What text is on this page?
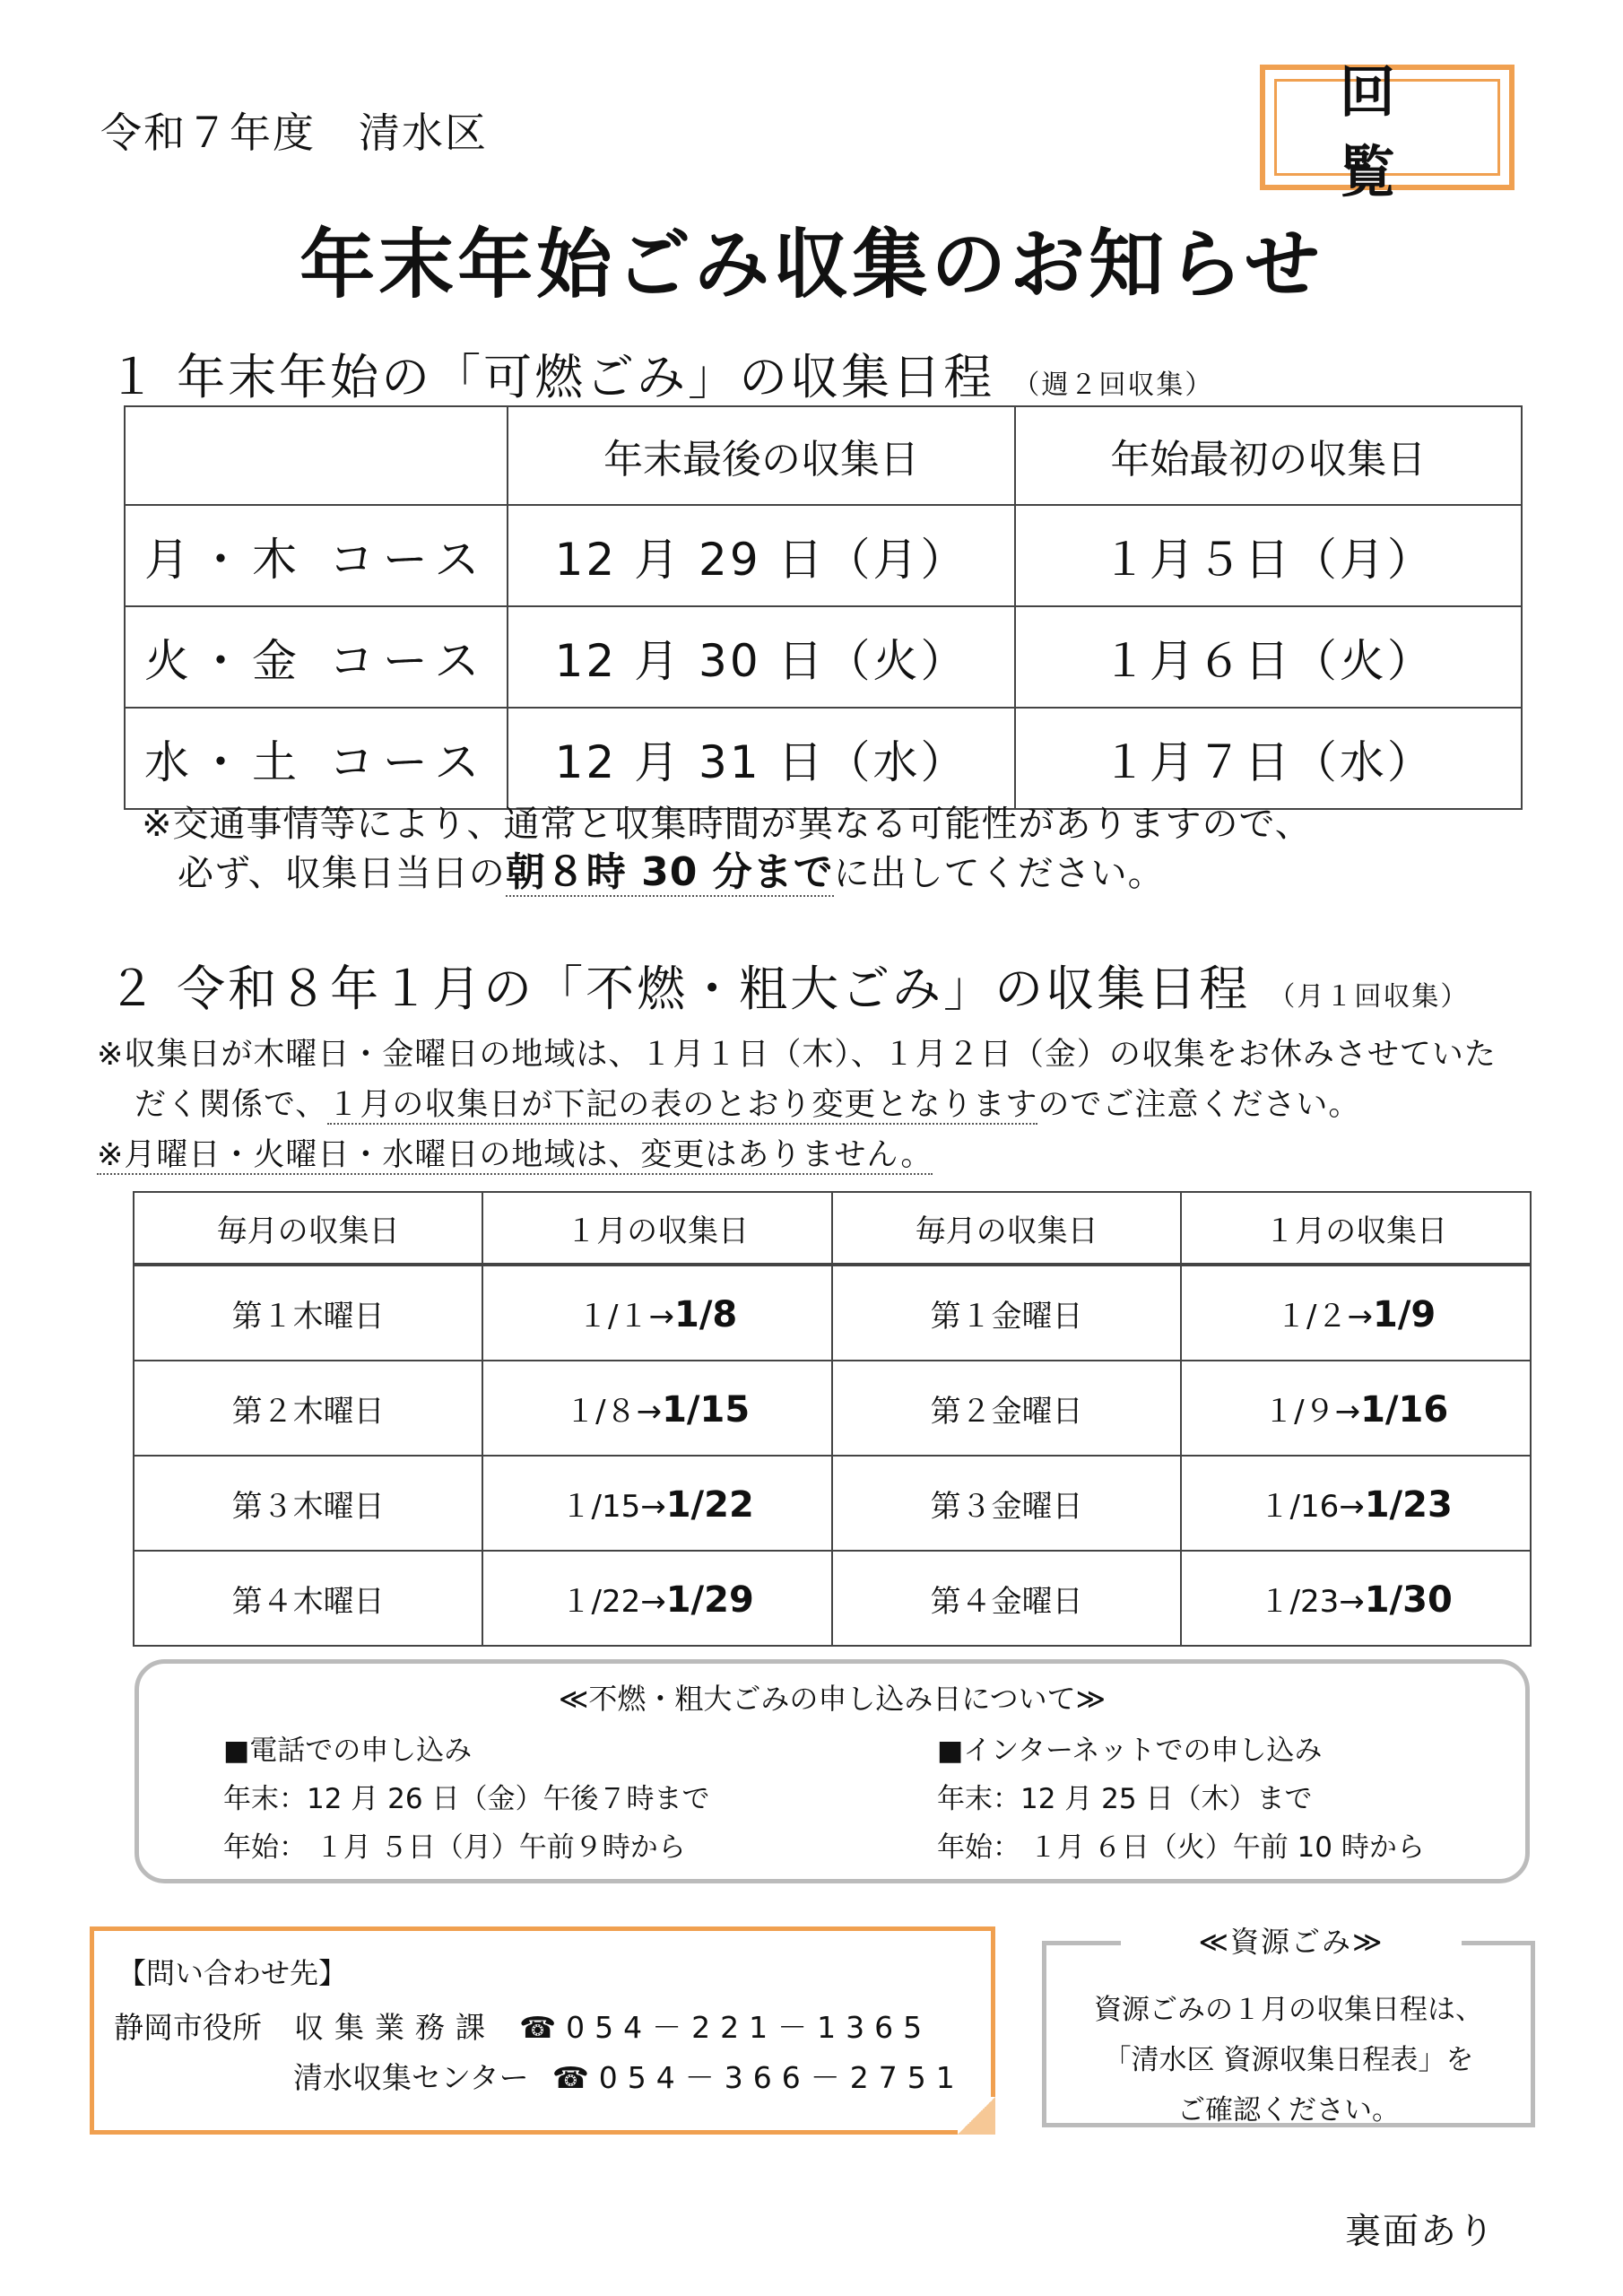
令和７年度 清水区
回覧
年末年始ごみ収集のお知らせ
１ 年末年始の「可燃ごみ」の収集日程 （週２回収集）
	年末最後の収集日	年始最初の収集日
月・木 コース	12 月 29 日（月）	１月５日（月）
火・金 コース	12 月 30 日（火）	１月６日（火）
水・土 コース	12 月 31 日（水）	１月７日（水）
※交通事情等により、通常と収集時間が異なる可能性がありますので、
必ず、収集日当日の朝８時 30 分までに出してください。
２ 令和８年１月の「不燃・粗大ごみ」の収集日程 （月１回収集）
※収集日が木曜日・金曜日の地域は、１月１日（木）、１月２日（金）の収集をお休みさせていた
だく関係で、１月の収集日が下記の表のとおり変更となりますのでご注意ください。
※月曜日・火曜日・水曜日の地域は、変更はありません。
毎月の収集日	１月の収集日	毎月の収集日	１月の収集日
第１木曜日	１/１→1/8	第１金曜日	１/２→1/9
第２木曜日	１/８→1/15	第２金曜日	１/９→1/16
第３木曜日	１/15→1/22	第３金曜日	１/16→1/23
第４木曜日	１/22→1/29	第４金曜日	１/23→1/30
≪不燃・粗大ごみの申し込み日について≫
■電話での申し込み
年末：12 月 26 日（金）午後７時まで
年始： １月 ５日（月）午前９時から
■インターネットでの申し込み
年末：12 月 25 日（木）まで
年始： １月 ６日（火）午前 10 時から
【問い合わせ先】
静岡市役所 収集業務課 ☎054－221－1365
清水収集センター ☎054－366－2751
資源ごみの１月の収集日程は、
「清水区 資源収集日程表」を
ご確認ください。
≪資源ごみ≫
裏面あり
